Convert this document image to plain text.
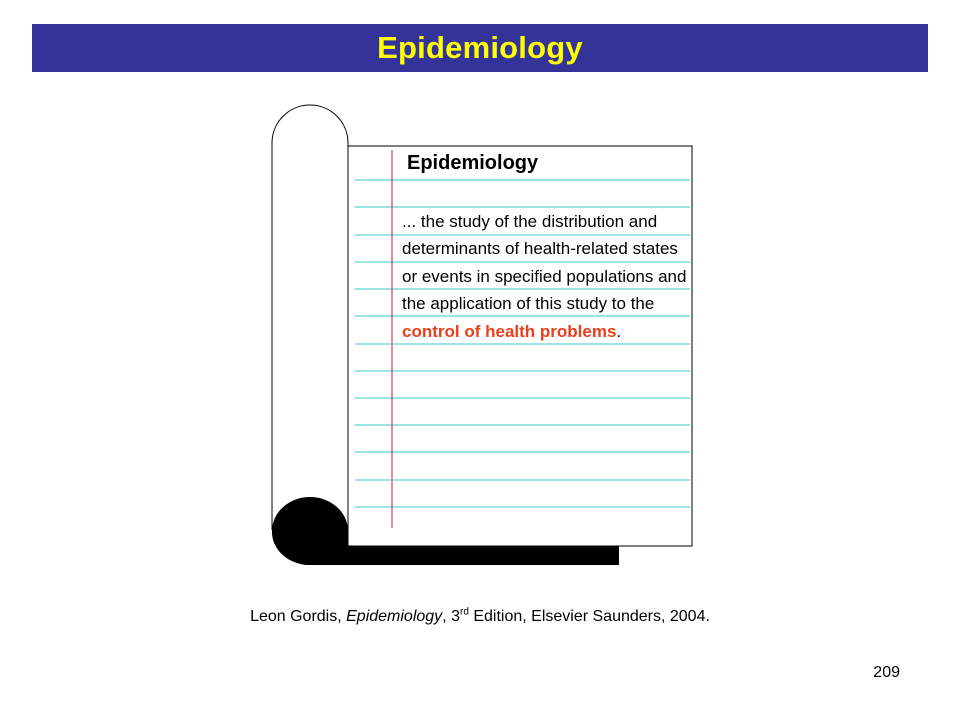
Epidemiology
Epidemiology
... the study of the distribution and determinants of health-related states or events in specified populations and the application of this study to the control of health problems.
Leon Gordis, Epidemiology, 3rd Edition, Elsevier Saunders, 2004.
209
